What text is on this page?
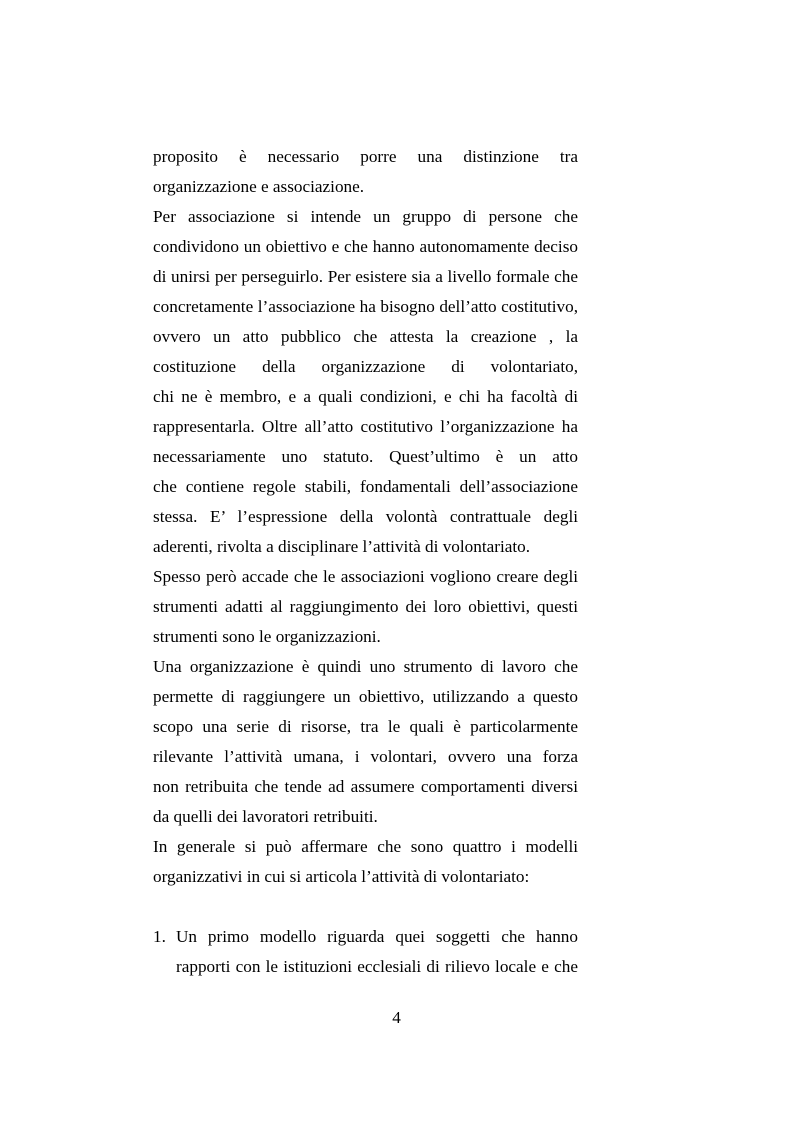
proposito è necessario porre una distinzione tra
organizzazione e associazione.
Per associazione si intende un gruppo di persone che
condividono un obiettivo e che hanno autonomamente deciso
di unirsi per perseguirlo. Per esistere sia a livello formale che
concretamente l’associazione ha bisogno dell’atto costitutivo,
ovvero un atto pubblico che attesta la creazione , la
costituzione della organizzazione di volontariato,
chi ne è membro, e a quali condizioni, e chi ha facoltà di
rappresentarla. Oltre all’atto costitutivo l’organizzazione ha
necessariamente uno statuto. Quest’ultimo è un atto
che contiene regole stabili, fondamentali dell’associazione
stessa. E’ l’espressione della volontà contrattuale degli
aderenti, rivolta a disciplinare l’attività di volontariato.
Spesso però accade che le associazioni vogliono creare degli
strumenti adatti al raggiungimento dei loro obiettivi, questi
strumenti sono le organizzazioni.
Una organizzazione è quindi uno strumento di lavoro che
permette di raggiungere un obiettivo, utilizzando a questo
scopo una serie di risorse, tra le quali è particolarmente
rilevante l’attività umana, i volontari, ovvero una forza
non retribuita che tende ad assumere comportamenti diversi
da quelli dei lavoratori retribuiti.
In generale si può affermare che sono quattro i modelli
organizzativi in cui si articola l’attività di volontariato:
1. Un primo modello riguarda quei soggetti che hanno
rapporti con le istituzioni ecclesiali di rilievo locale e che
4
